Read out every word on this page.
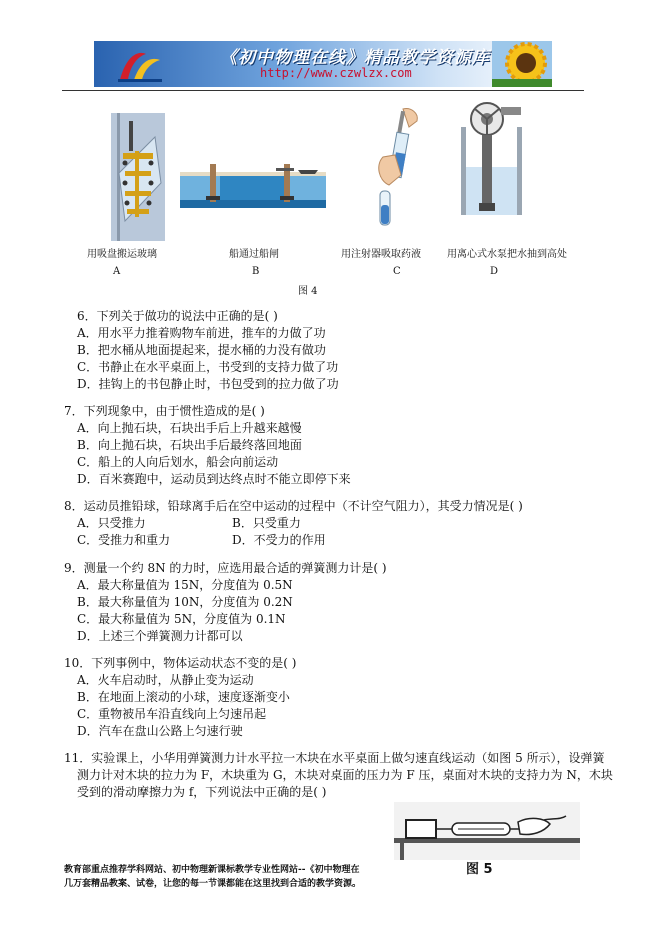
《初中物理在线》精品教学资源库
http://www.czwlzx.com
用吸盘搬运玻璃	船通过船闸	用注射器吸取药液	用离心式水泵把水抽到高处
A	B	C	D
图 4
6．下列关于做功的说法中正确的是( )
A．用水平力推着购物车前进，推车的力做了功
B．把水桶从地面提起来，提水桶的力没有做功
C．书静止在水平桌面上，书受到的支持力做了功
D．挂钩上的书包静止时，书包受到的拉力做了功
7．下列现象中，由于惯性造成的是( )
A．向上抛石块，石块出手后上升越来越慢
B．向上抛石块，石块出手后最终落回地面
C．船上的人向后划水，船会向前运动
D．百米赛跑中，运动员到达终点时不能立即停下来
8．运动员推铅球，铅球离手后在空中运动的过程中（不计空气阻力），其受力情况是( )
A．只受推力	B．只受重力
C．受推力和重力	D．不受力的作用
9．测量一个约 8N 的力时，应选用最合适的弹簧测力计是( )
A．最大称量值为 15N，分度值为 0.5N
B．最大称量值为 10N，分度值为 0.2N
C．最大称量值为 5N，分度值为 0.1N
D．上述三个弹簧测力计都可以
10．下列事例中，物体运动状态不变的是( )
A．火车启动时，从静止变为运动
B．在地面上滚动的小球，速度逐渐变小
C．重物被吊车沿直线向上匀速吊起
D．汽车在盘山公路上匀速行驶
11．实验课上，小华用弹簧测力计水平拉一木块在水平桌面上做匀速直线运动（如图 5 所示），设弹簧
测力计对木块的拉力为 F，木块重为 G，木块对桌面的压力为 F 压，桌面对木块的支持力为 N，木块
受到的滑动摩擦力为 f，下列说法中正确的是( )
图 5
教育部重点推荐学科网站、初中物理新课标教学专业性网站--《初中物理在
几万套精品教案、试卷，让您的每一节课都能在这里找到合适的教学资源。
